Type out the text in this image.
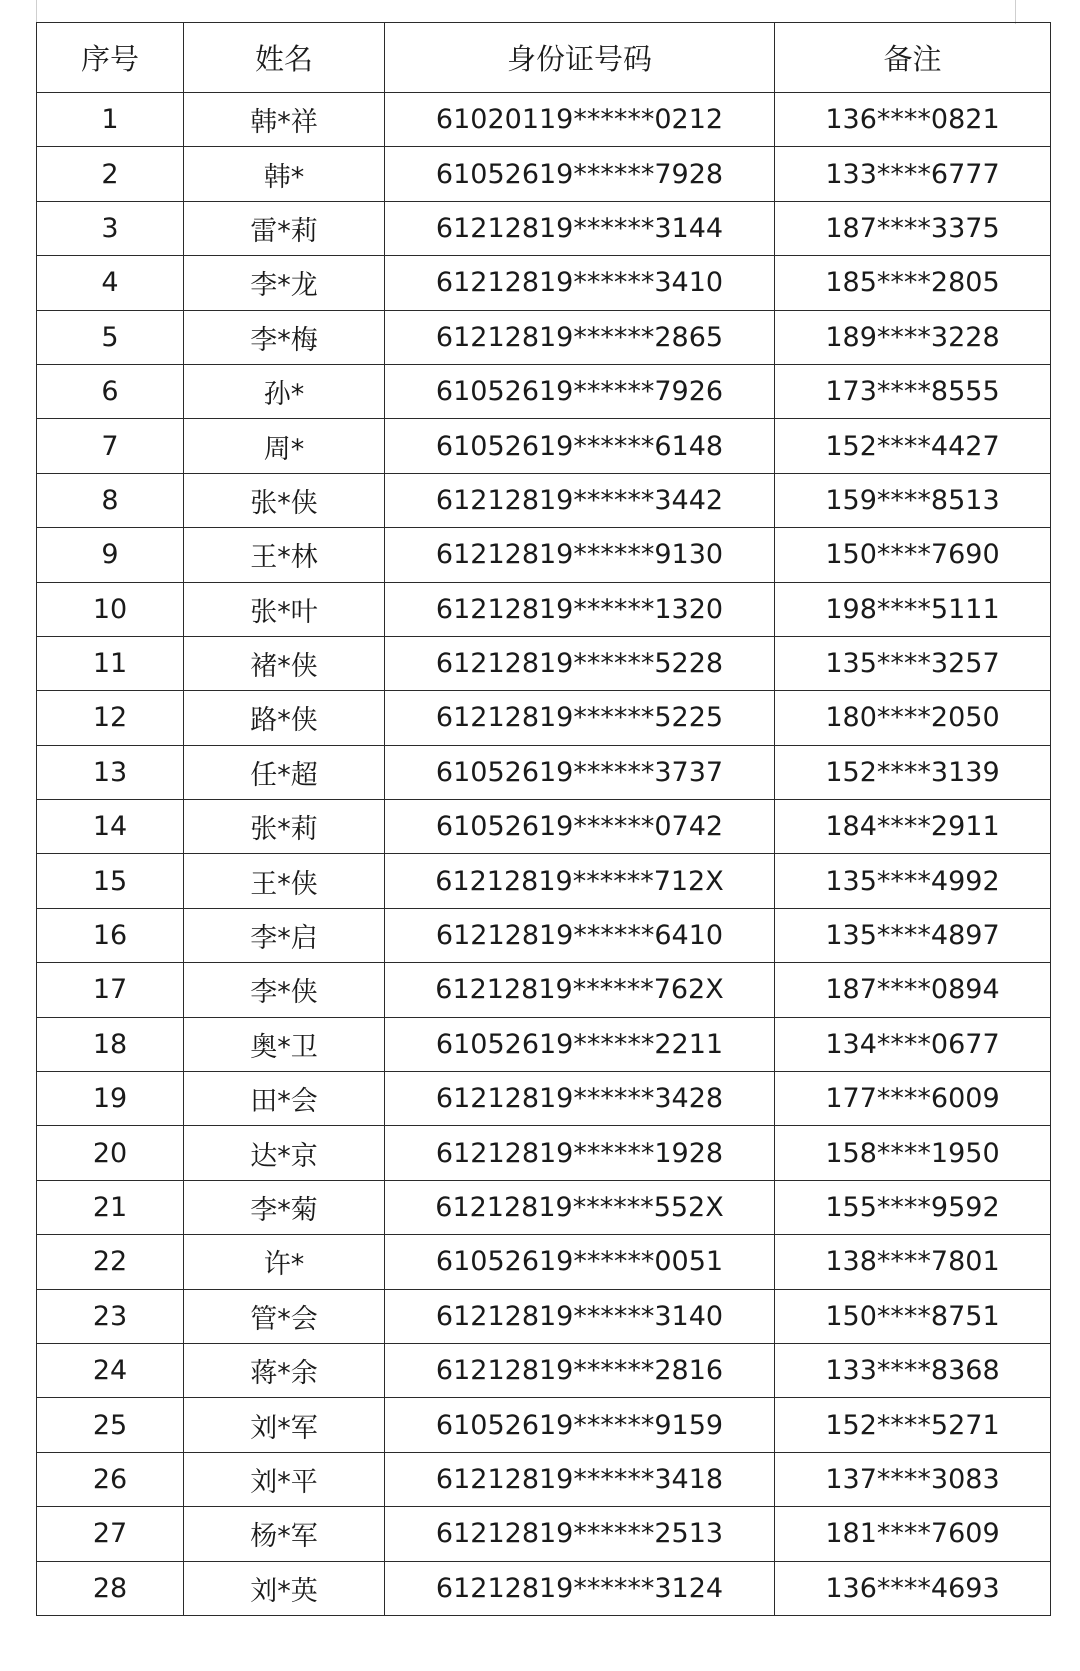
序号	姓名	身份证号码	备注
1	韩*祥	61020119******0212	136****0821
2	韩*	61052619******7928	133****6777
3	雷*莉	61212819******3144	187****3375
4	李*龙	61212819******3410	185****2805
5	李*梅	61212819******2865	189****3228
6	孙*	61052619******7926	173****8555
7	周*	61052619******6148	152****4427
8	张*侠	61212819******3442	159****8513
9	王*林	61212819******9130	150****7690
10	张*叶	61212819******1320	198****5111
11	褚*侠	61212819******5228	135****3257
12	路*侠	61212819******5225	180****2050
13	任*超	61052619******3737	152****3139
14	张*莉	61052619******0742	184****2911
15	王*侠	61212819******712X	135****4992
16	李*启	61212819******6410	135****4897
17	李*侠	61212819******762X	187****0894
18	奥*卫	61052619******2211	134****0677
19	田*会	61212819******3428	177****6009
20	达*京	61212819******1928	158****1950
21	李*菊	61212819******552X	155****9592
22	许*	61052619******0051	138****7801
23	管*会	61212819******3140	150****8751
24	蒋*余	61212819******2816	133****8368
25	刘*军	61052619******9159	152****5271
26	刘*平	61212819******3418	137****3083
27	杨*军	61212819******2513	181****7609
28	刘*英	61212819******3124	136****4693
